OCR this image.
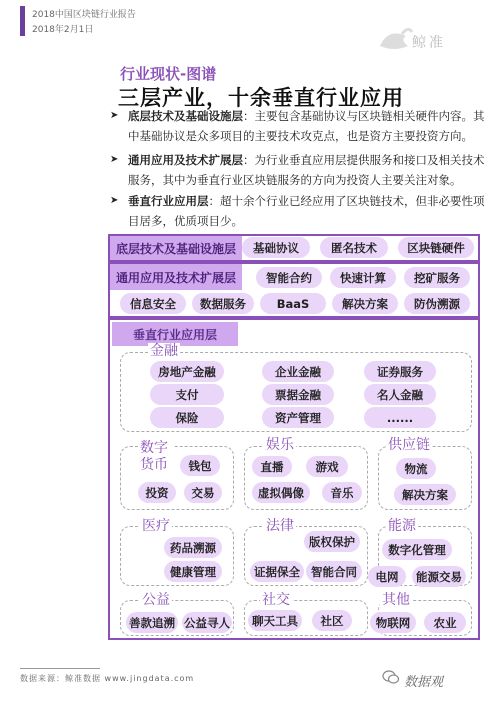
2018中国区块链行业报告
2018年2月1日
鲸准
行业现状-图谱
三层产业，十余垂直行业应用
➤ 底层技术及基础设施层：主要包含基础协议与区块链相关硬件内容。其中基础协议是众多项目的主要技术攻克点，也是资方主要投资方向。
➤ 通用应用及技术扩展层：为行业垂直应用层提供服务和接口及相关技术服务，其中为垂直行业区块链服务的方向为投资人主要关注对象。
➤ 垂直行业应用层：超十余个行业已经应用了区块链技术，但非必要性项目居多，优质项目少。
底层技术及基础设施层	基础协议	匿名技术	区块链硬件
通用应用及技术扩展层	智能合约	快速计算	挖矿服务
信息安全	数据服务	BaaS	解决方案	防伪溯源
垂直行业应用层
金融
房地产金融
支付
保险
企业金融
票据金融
资产管理
证券服务
名人金融
......
数字货币	钱包
投资	交易
娱乐
直播	游戏
虚拟偶像	音乐
供应链
物流
解决方案
医疗
药品溯源
健康管理
法律
版权保护
证据保全 智能合同
能源
数字化管理
电网	能源交易
公益
善款追溯 公益寻人
社交
聊天工具	社区
其他
物联网	农业
数据来源：鲸准数据 www.jingdata.com	数据观
